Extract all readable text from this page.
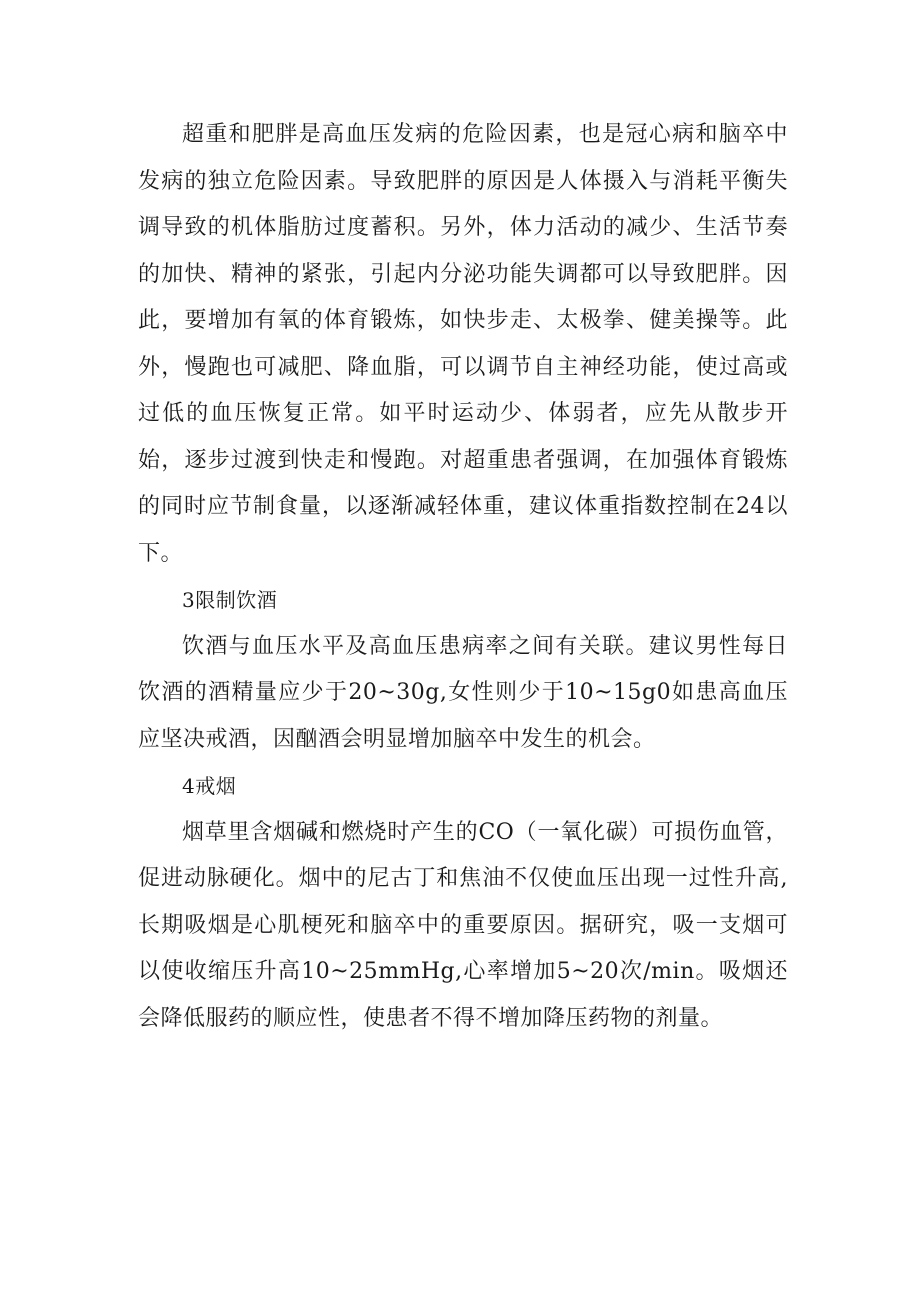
超重和肥胖是高血压发病的危险因素，也是冠心病和脑卒中发病的独立危险因素。导致肥胖的原因是人体摄入与消耗平衡失调导致的机体脂肪过度蓄积。另外，体力活动的减少、生活节奏的加快、精神的紧张，引起内分泌功能失调都可以导致肥胖。因此，要增加有氧的体育锻炼，如快步走、太极拳、健美操等。此外，慢跑也可减肥、降血脂，可以调节自主神经功能，使过高或过低的血压恢复正常。如平时运动少、体弱者，应先从散步开始，逐步过渡到快走和慢跑。对超重患者强调，在加强体育锻炼的同时应节制食量，以逐渐减轻体重，建议体重指数控制在24以下。

3限制饮酒

饮酒与血压水平及高血压患病率之间有关联。建议男性每日饮酒的酒精量应少于20~30g,女性则少于10~15g0如患高血压应坚决戒酒，因酗酒会明显增加脑卒中发生的机会。

4戒烟

烟草里含烟碱和燃烧时产生的CO（一氧化碳）可损伤血管，促进动脉硬化。烟中的尼古丁和焦油不仅使血压出现一过性升高,长期吸烟是心肌梗死和脑卒中的重要原因。据研究，吸一支烟可以使收缩压升高10~25mmHg,心率增加5~20次/min。吸烟还会降低服药的顺应性，使患者不得不增加降压药物的剂量。
